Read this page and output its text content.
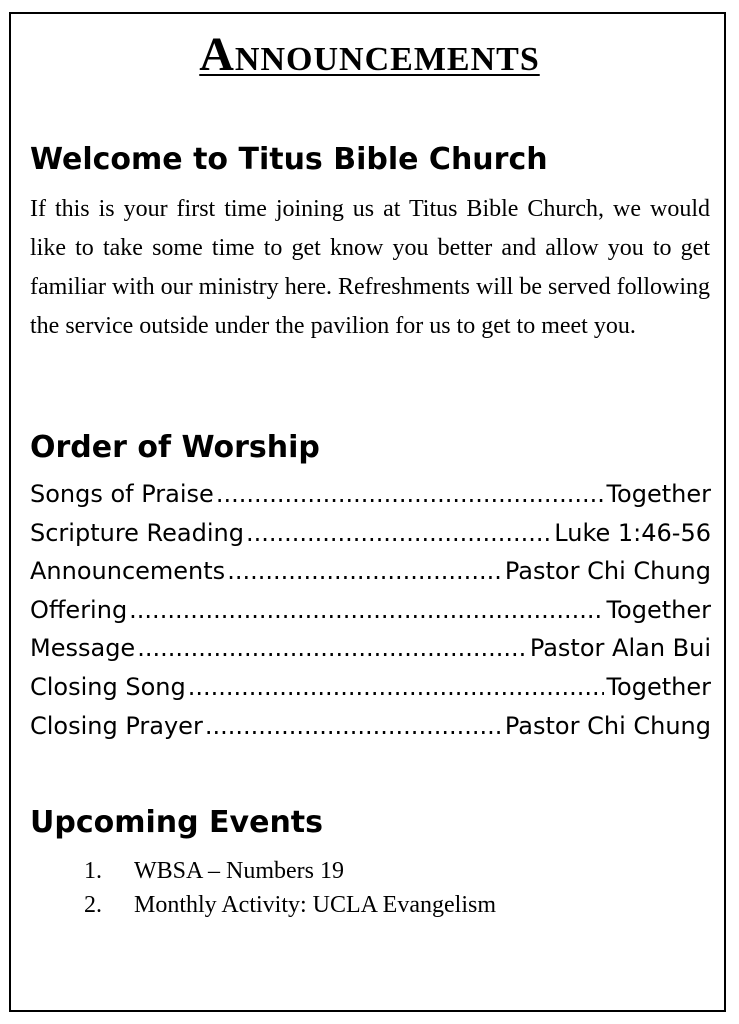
Announcements
Welcome to Titus Bible Church

If this is your first time joining us at Titus Bible Church, we would like to take some time to get know you better and allow you to get familiar with our ministry here. Refreshments will be served following the service outside under the pavilion for us to get to meet you.

Order of Worship
Songs of Praise .....	Together
Scripture Reading .....	Luke 1:46-56
Announcements .....	Pastor Chi Chung
Offering .....	Together
Message .....	Pastor Alan Bui
Closing Song .....	Together
Closing Prayer .....	Pastor Chi Chung
Upcoming Events
1. WBSA – Numbers 19
2. Monthly Activity: UCLA Evangelism
